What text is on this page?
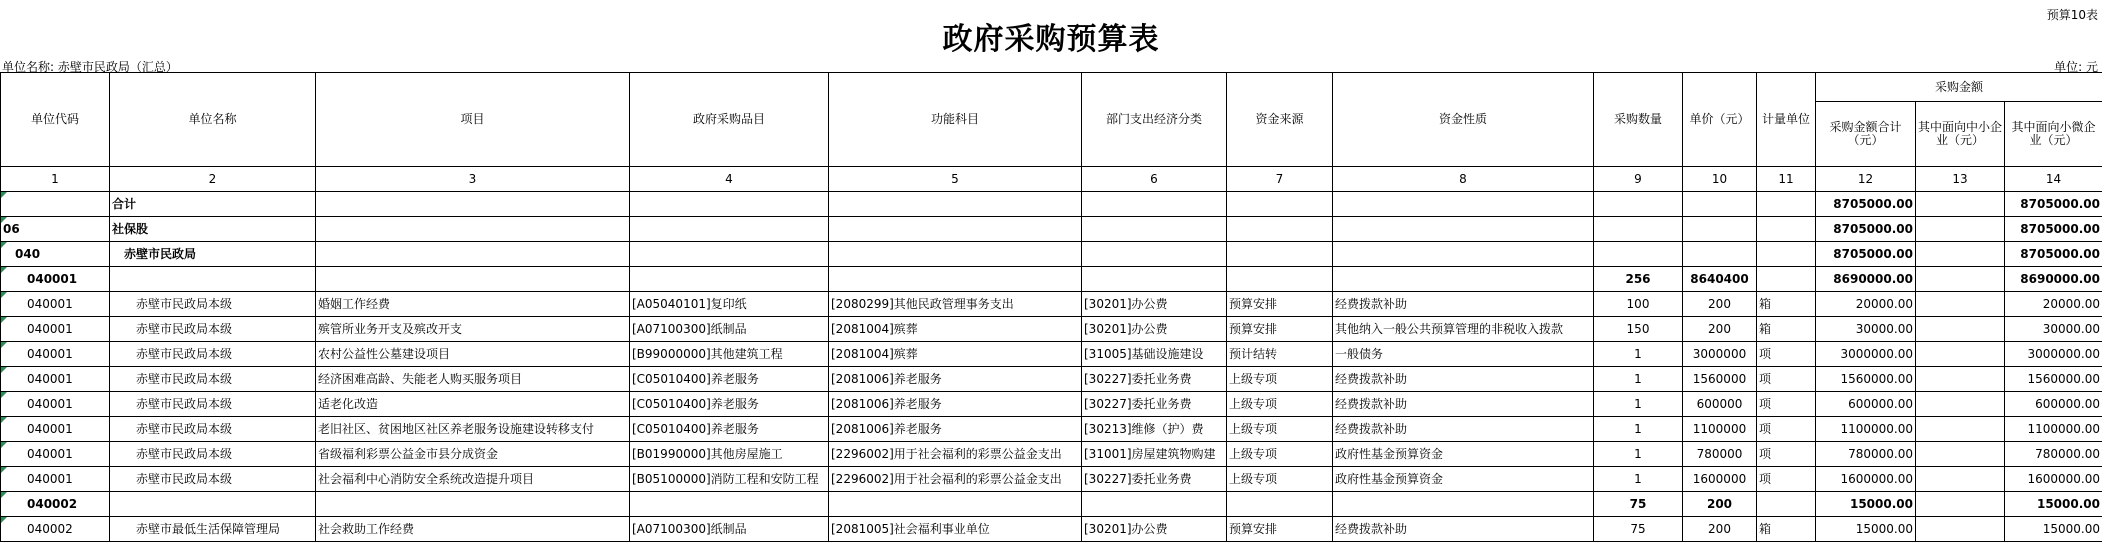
预算10表
政府采购预算表
单位名称: 赤壁市民政局（汇总）	单位: 元
单位代码	单位名称	项目	政府采购品目	功能科目	部门支出经济分类	资金来源	资金性质	采购数量	单价（元）	计量单位	采购金额		
											采购金额合计（元）	其中面向中小企业（元）	其中面向小微企业（元）
1	2	3	4	5	6	7	8	9	10	11	12	13	14
	合计										8705000.00		8705000.00
06	社保股										8705000.00		8705000.00
040	赤壁市民政局										8705000.00		8705000.00
040001								256	8640400		8690000.00		8690000.00
040001	赤壁市民政局本级	婚姻工作经费	[A05040101]复印纸	[2080299]其他民政管理事务支出	[30201]办公费	预算安排	经费拨款补助	100	200	箱	20000.00		20000.00
040001	赤壁市民政局本级	殡管所业务开支及殡改开支	[A07100300]纸制品	[2081004]殡葬	[30201]办公费	预算安排	其他纳入一般公共预算管理的非税收入拨款	150	200	箱	30000.00		30000.00
040001	赤壁市民政局本级	农村公益性公墓建设项目	[B99000000]其他建筑工程	[2081004]殡葬	[31005]基础设施建设	预计结转	一般债务	1	3000000	项	3000000.00		3000000.00
040001	赤壁市民政局本级	经济困难高龄、失能老人购买服务项目	[C05010400]养老服务	[2081006]养老服务	[30227]委托业务费	上级专项	经费拨款补助	1	1560000	项	1560000.00		1560000.00
040001	赤壁市民政局本级	适老化改造	[C05010400]养老服务	[2081006]养老服务	[30227]委托业务费	上级专项	经费拨款补助	1	600000	项	600000.00		600000.00
040001	赤壁市民政局本级	老旧社区、贫困地区社区养老服务设施建设转移支付	[C05010400]养老服务	[2081006]养老服务	[30213]维修（护）费	上级专项	经费拨款补助	1	1100000	项	1100000.00		1100000.00
040001	赤壁市民政局本级	省级福利彩票公益金市县分成资金	[B01990000]其他房屋施工	[2296002]用于社会福利的彩票公益金支出	[31001]房屋建筑物购建	上级专项	政府性基金预算资金	1	780000	项	780000.00		780000.00
040001	赤壁市民政局本级	社会福利中心消防安全系统改造提升项目	[B05100000]消防工程和安防工程	[2296002]用于社会福利的彩票公益金支出	[30227]委托业务费	上级专项	政府性基金预算资金	1	1600000	项	1600000.00		1600000.00
040002								75	200		15000.00		15000.00
040002	赤壁市最低生活保障管理局	社会救助工作经费	[A07100300]纸制品	[2081005]社会福利事业单位	[30201]办公费	预算安排	经费拨款补助	75	200	箱	15000.00		15000.00
